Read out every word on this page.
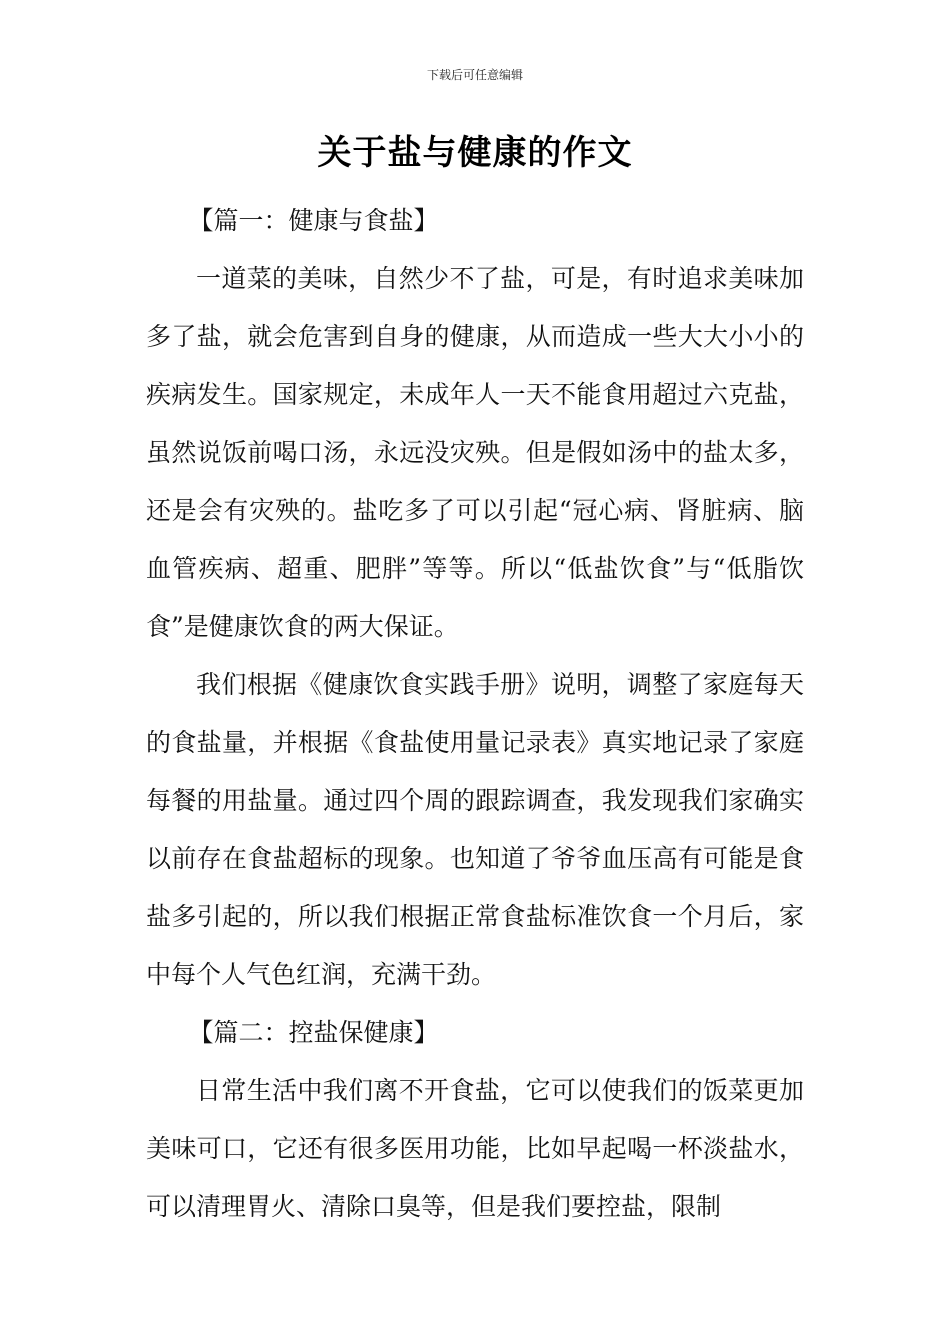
下载后可任意编辑
关于盐与健康的作文

【篇一：健康与食盐】

一道菜的美味，自然少不了盐，可是，有时追求美味加多了盐，就会危害到自身的健康，从而造成一些大大小小的疾病发生。国家规定，未成年人一天不能食用超过六克盐，虽然说饭前喝口汤，永远没灾殃。但是假如汤中的盐太多，还是会有灾殃的。盐吃多了可以引起“冠心病、肾脏病、脑血管疾病、超重、肥胖”等等。所以“低盐饮食”与“低脂饮食”是健康饮食的两大保证。

我们根据《健康饮食实践手册》说明，调整了家庭每天的食盐量，并根据《食盐使用量记录表》真实地记录了家庭每餐的用盐量。通过四个周的跟踪调查，我发现我们家确实以前存在食盐超标的现象。也知道了爷爷血压高有可能是食盐多引起的，所以我们根据正常食盐标准饮食一个月后，家中每个人气色红润，充满干劲。

【篇二：控盐保健康】

日常生活中我们离不开食盐，它可以使我们的饭菜更加美味可口，它还有很多医用功能，比如早起喝一杯淡盐水，可以清理胃火、清除口臭等，但是我们要控盐，限制
